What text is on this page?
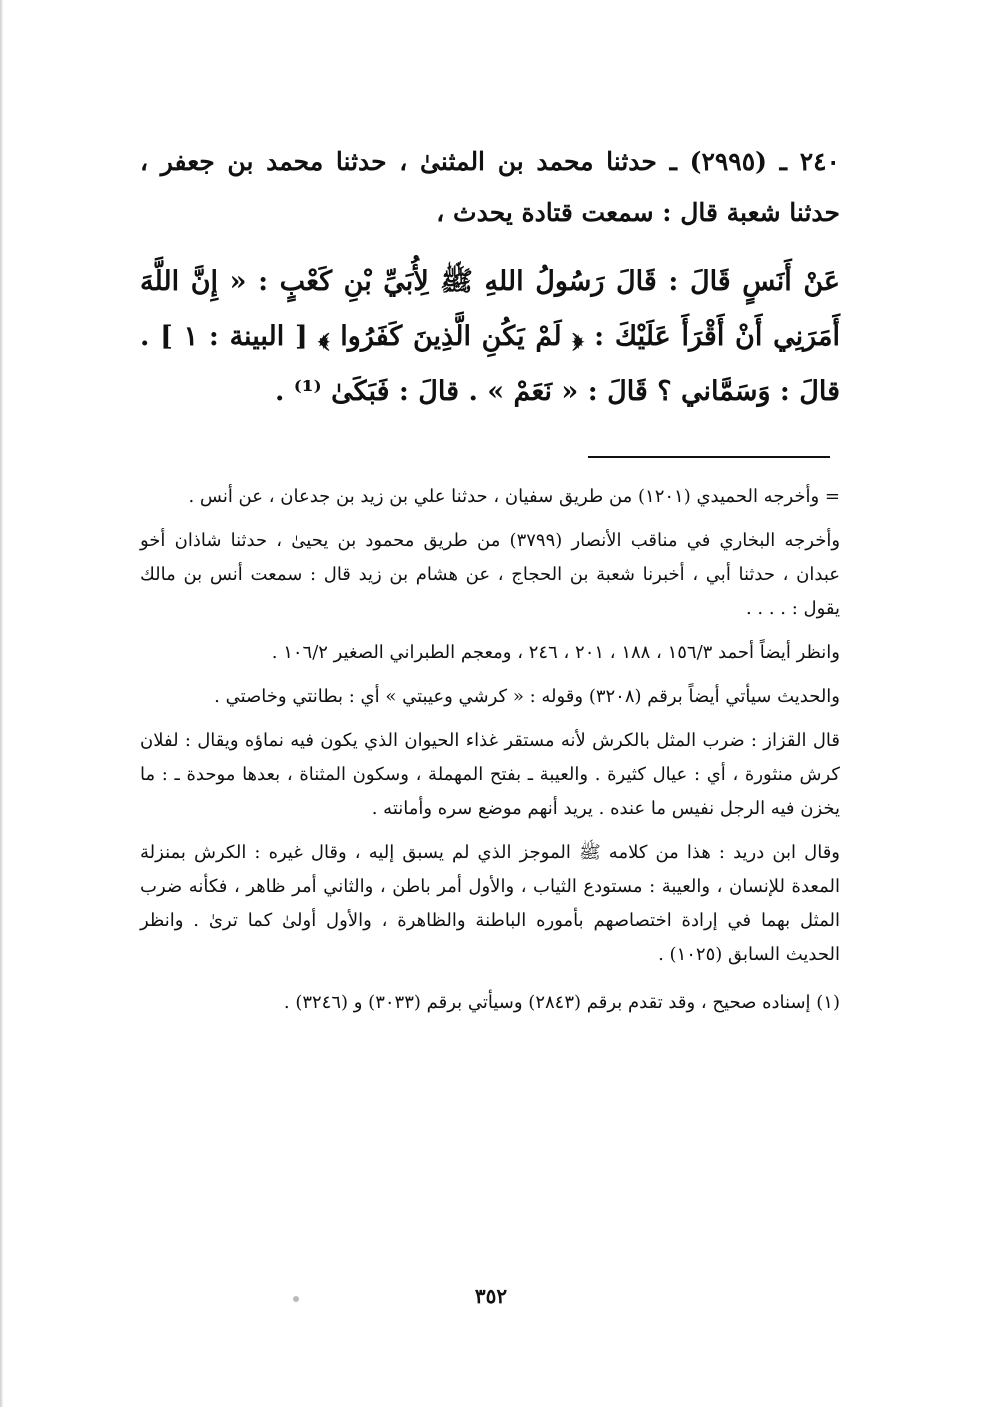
٢٤٠ ـ (٢٩٩٥) ـ حدثنا محمد بن المثنىٰ ، حدثنا محمد بن جعفر ، حدثنا شعبة قال : سمعت قتادة يحدث ،

عَنْ أَنَسٍ قَالَ : قَالَ رَسُولُ اللهِ ﷺ لِأُبَيِّ بْنِ كَعْبٍ : « إِنَّ اللَّهَ أَمَرَنِي أَنْ أَقْرَأَ عَلَيْكَ : ﴿ لَمْ يَكُنِ الَّذِينَ كَفَرُوا ﴾ [ البينة : ١ ] . قالَ : وَسَمَّاني ؟ قَالَ : « نَعَمْ » . قالَ : فَبَكَىٰ ⁽¹⁾ .

= وأخرجه الحميدي (١٢٠١) من طريق سفيان ، حدثنا علي بن زيد بن جدعان ، عن أنس .

وأخرجه البخاري في مناقب الأنصار (٣٧٩٩) من طريق محمود بن يحيىٰ ، حدثنا شاذان أخو عبدان ، حدثنا أبي ، أخبرنا شعبة بن الحجاج ، عن هشام بن زيد قال : سمعت أنس بن مالك يقول : . . . .

وانظر أيضاً أحمد ١٥٦/٣ ، ١٨٨ ، ٢٠١ ، ٢٤٦ ، ومعجم الطبراني الصغير ١٠٦/٢ .

والحديث سيأتي أيضاً برقم (٣٢٠٨) وقوله : « كرشي وعيبتي » أي : بطانتي وخاصتي .

قال القزاز : ضرب المثل بالكرش لأنه مستقر غذاء الحيوان الذي يكون فيه نماؤه ويقال : لفلان كرش منثورة ، أي : عيال كثيرة . والعيبة ـ بفتح المهملة ، وسكون المثناة ، بعدها موحدة ـ : ما يخزن فيه الرجل نفيس ما عنده . يريد أنهم موضع سره وأمانته .

وقال ابن دريد : هذا من كلامه ﷺ الموجز الذي لم يسبق إليه ، وقال غيره : الكرش بمنزلة المعدة للإنسان ، والعيبة : مستودع الثياب ، والأول أمر باطن ، والثاني أمر ظاهر ، فكأنه ضرب المثل بهما في إرادة اختصاصهم بأموره الباطنة والظاهرة ، والأول أولىٰ كما ترىٰ . وانظر الحديث السابق (١٠٢٥) .

(١) إسناده صحيح ، وقد تقدم برقم (٢٨٤٣) وسيأتي برقم (٣٠٣٣) و (٣٢٤٦) .

٣٥٢
